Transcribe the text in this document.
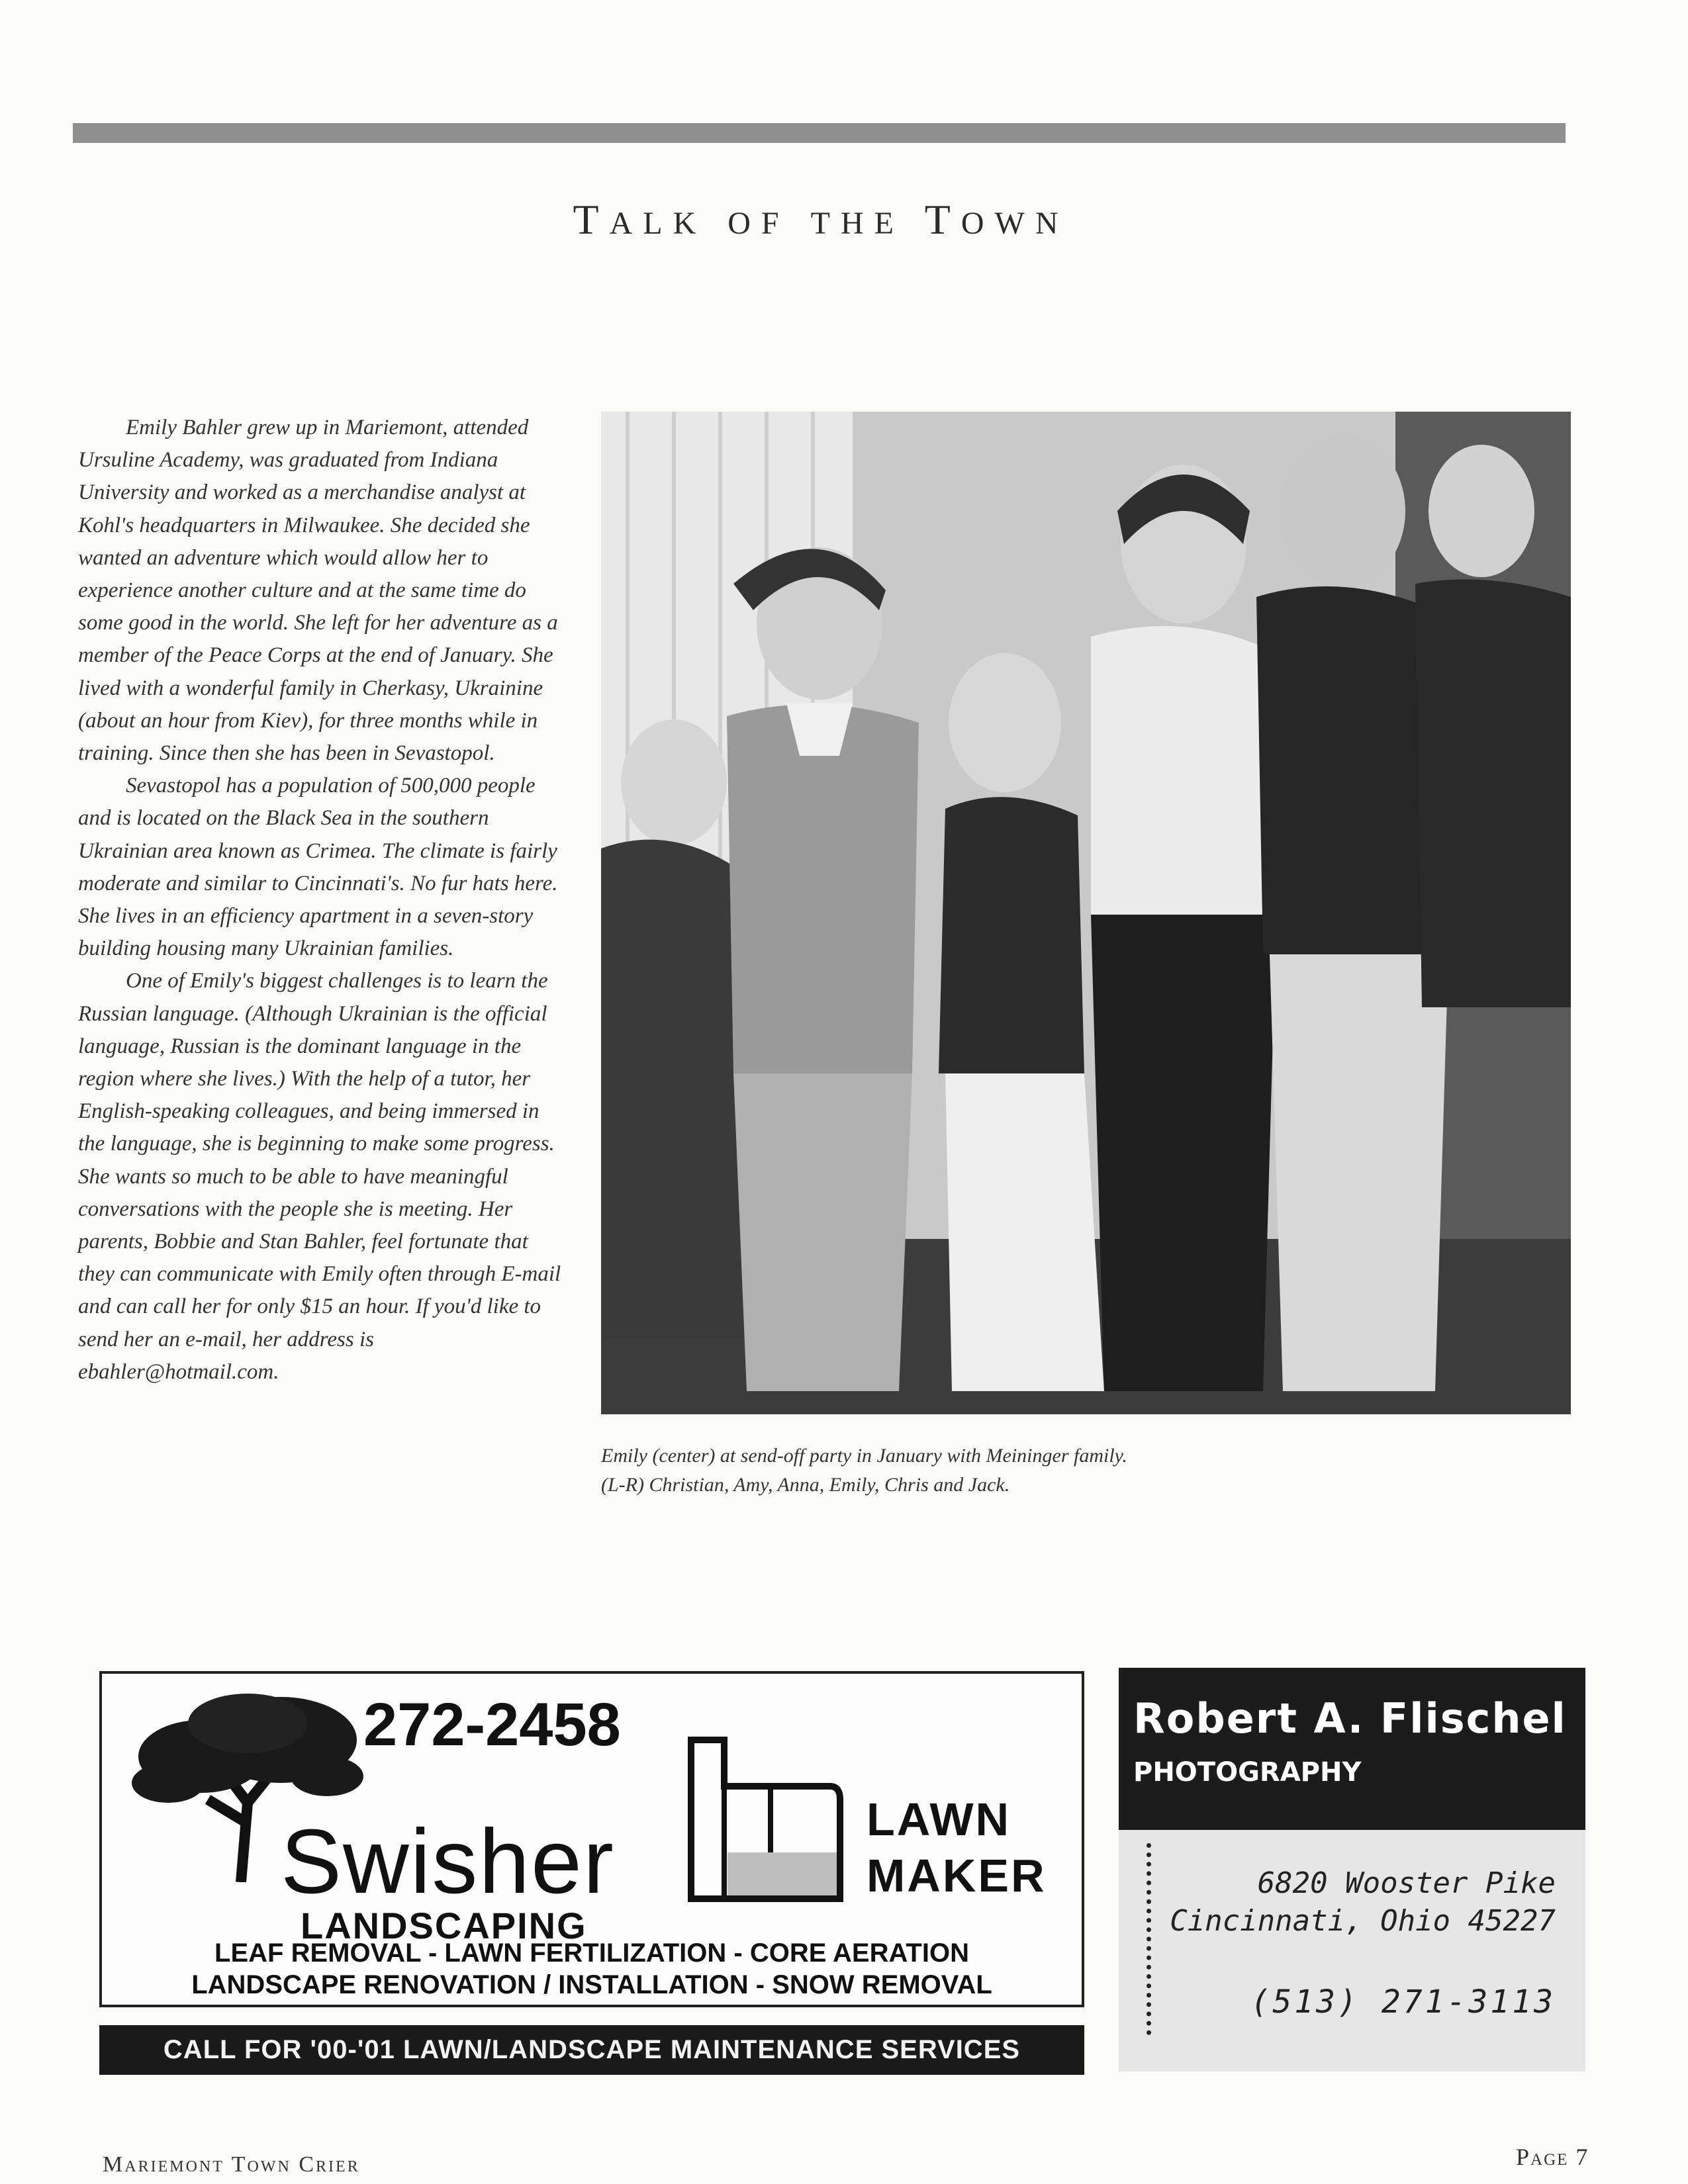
TALK OF THE TOWN

Emily Bahler grew up in Mariemont, attended Ursuline Academy, was graduated from Indiana University and worked as a merchandise analyst at Kohl's headquarters in Milwaukee. She decided she wanted an adventure which would allow her to experience another culture and at the same time do some good in the world. She left for her adventure as a member of the Peace Corps at the end of January. She lived with a wonderful family in Cherkasy, Ukrainine (about an hour from Kiev), for three months while in training. Since then she has been in Sevastopol.

Sevastopol has a population of 500,000 people and is located on the Black Sea in the southern Ukrainian area known as Crimea. The climate is fairly moderate and similar to Cincinnati's. No fur hats here. She lives in an efficiency apartment in a seven-story building housing many Ukrainian families.

One of Emily's biggest challenges is to learn the Russian language. (Although Ukrainian is the official language, Russian is the dominant language in the region where she lives.) With the help of a tutor, her English-speaking colleagues, and being immersed in the language, she is beginning to make some progress. She wants so much to be able to have meaningful conversations with the people she is meeting. Her parents, Bobbie and Stan Bahler, feel fortunate that they can communicate with Emily often through E-mail and can call her for only $15 an hour. If you'd like to send her an e-mail, her address is ebahler@hotmail.com.

Emily (center) at send-off party in January with Meininger family.
(L-R) Christian, Amy, Anna, Emily, Chris and Jack.
272-2458
Swisher
LANDSCAPING
LAWN
MAKER
LEAF REMOVAL - LAWN FERTILIZATION - CORE AERATION
LANDSCAPE RENOVATION / INSTALLATION - SNOW REMOVAL
CALL FOR '00-'01 LAWN/LANDSCAPE MAINTENANCE SERVICES
Robert A. Flischel
PHOTOGRAPHY
6820 Wooster Pike
Cincinnati, Ohio 45227
(513) 271-3113
Mariemont Town Crier	Page 7
